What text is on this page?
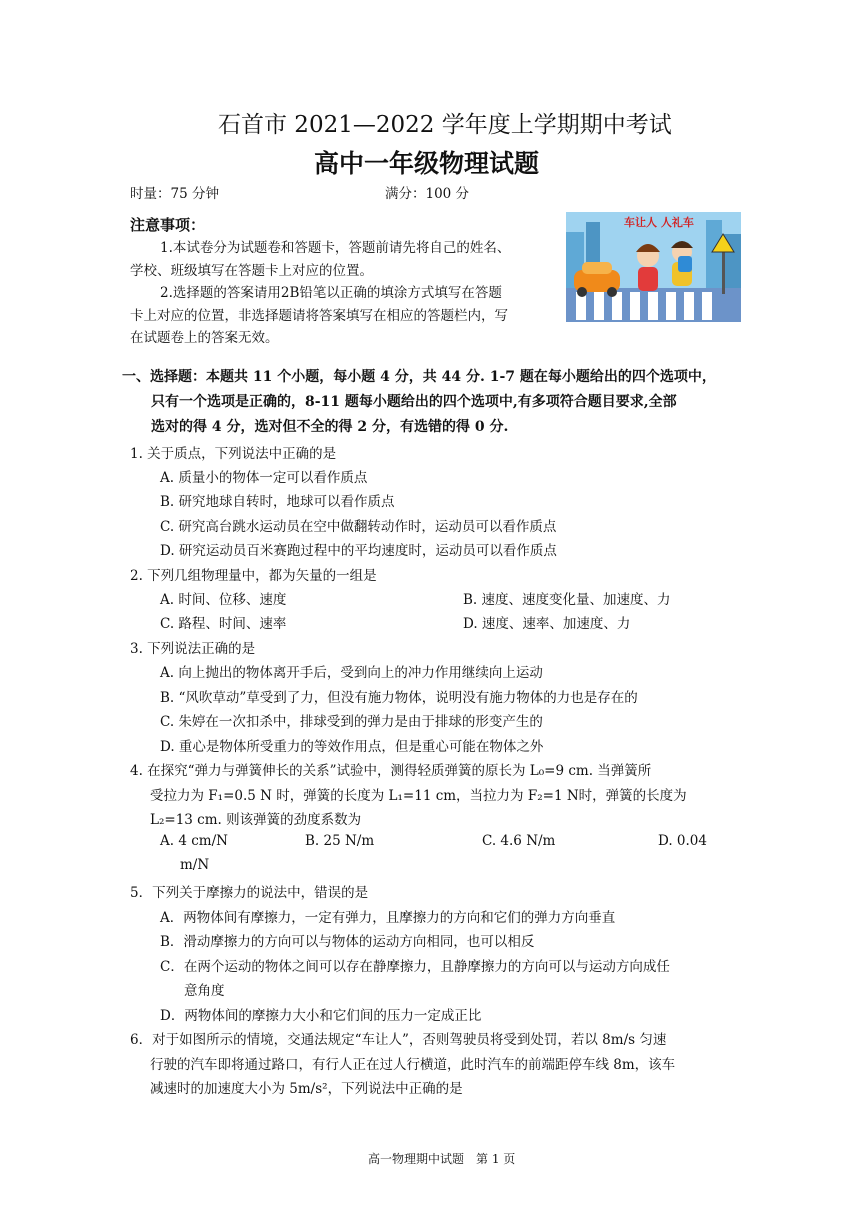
石首市 2021—2022 学年度上学期期中考试
高中一年级物理试题
时量：75 分钟	满分：100 分
注意事项：
1.本试卷分为试题卷和答题卡，答题前请先将自己的姓名、
学校、班级填写在答题卡上对应的位置。
2.选择题的答案请用2B铅笔以正确的填涂方式填写在答题
卡上对应的位置，非选择题请将答案填写在相应的答题栏内，写
在试题卷上的答案无效。
车让人 人礼车
一、选择题：本题共 11 个小题，每小题 4 分，共 44 分. 1-7 题在每小题给出的四个选项中，
只有一个选项是正确的，8-11 题每小题给出的四个选项中,有多项符合题目要求,全部
选对的得 4 分，选对但不全的得 2 分，有选错的得 0 分.
1. 关于质点，下列说法中正确的是
A. 质量小的物体一定可以看作质点
B. 研究地球自转时，地球可以看作质点
C. 研究高台跳水运动员在空中做翻转动作时，运动员可以看作质点
D. 研究运动员百米赛跑过程中的平均速度时，运动员可以看作质点
2. 下列几组物理量中，都为矢量的一组是
A. 时间、位移、速度	B. 速度、速度变化量、加速度、力
C. 路程、时间、速率	D. 速度、速率、加速度、力
3. 下列说法正确的是
A. 向上抛出的物体离开手后，受到向上的冲力作用继续向上运动
B. “风吹草动”草受到了力，但没有施力物体，说明没有施力物体的力也是存在的
C. 朱婷在一次扣杀中，排球受到的弹力是由于排球的形变产生的
D. 重心是物体所受重力的等效作用点，但是重心可能在物体之外
4. 在探究“弹力与弹簧伸长的关系”试验中，测得轻质弹簧的原长为 L₀=9 cm. 当弹簧所
受拉力为 F₁=0.5 N 时，弹簧的长度为 L₁=11 cm，当拉力为 F₂=1 N时，弹簧的长度为
L₂=13 cm. 则该弹簧的劲度系数为
A. 4 cm/N	B. 25 N/m	C. 4.6 N/m	D. 0.04
m/N
5．下列关于摩擦力的说法中，错误的是
A．两物体间有摩擦力，一定有弹力，且摩擦力的方向和它们的弹力方向垂直
B．滑动摩擦力的方向可以与物体的运动方向相同，也可以相反
C．在两个运动的物体之间可以存在静摩擦力，且静摩擦力的方向可以与运动方向成任
意角度
D．两物体间的摩擦力大小和它们间的压力一定成正比
6．对于如图所示的情境，交通法规定“车让人”，否则驾驶员将受到处罚，若以 8m/s 匀速
行驶的汽车即将通过路口，有行人正在过人行横道，此时汽车的前端距停车线 8m，该车
减速时的加速度大小为 5m/s²，下列说法中正确的是
高一物理期中试题　第 1 页
